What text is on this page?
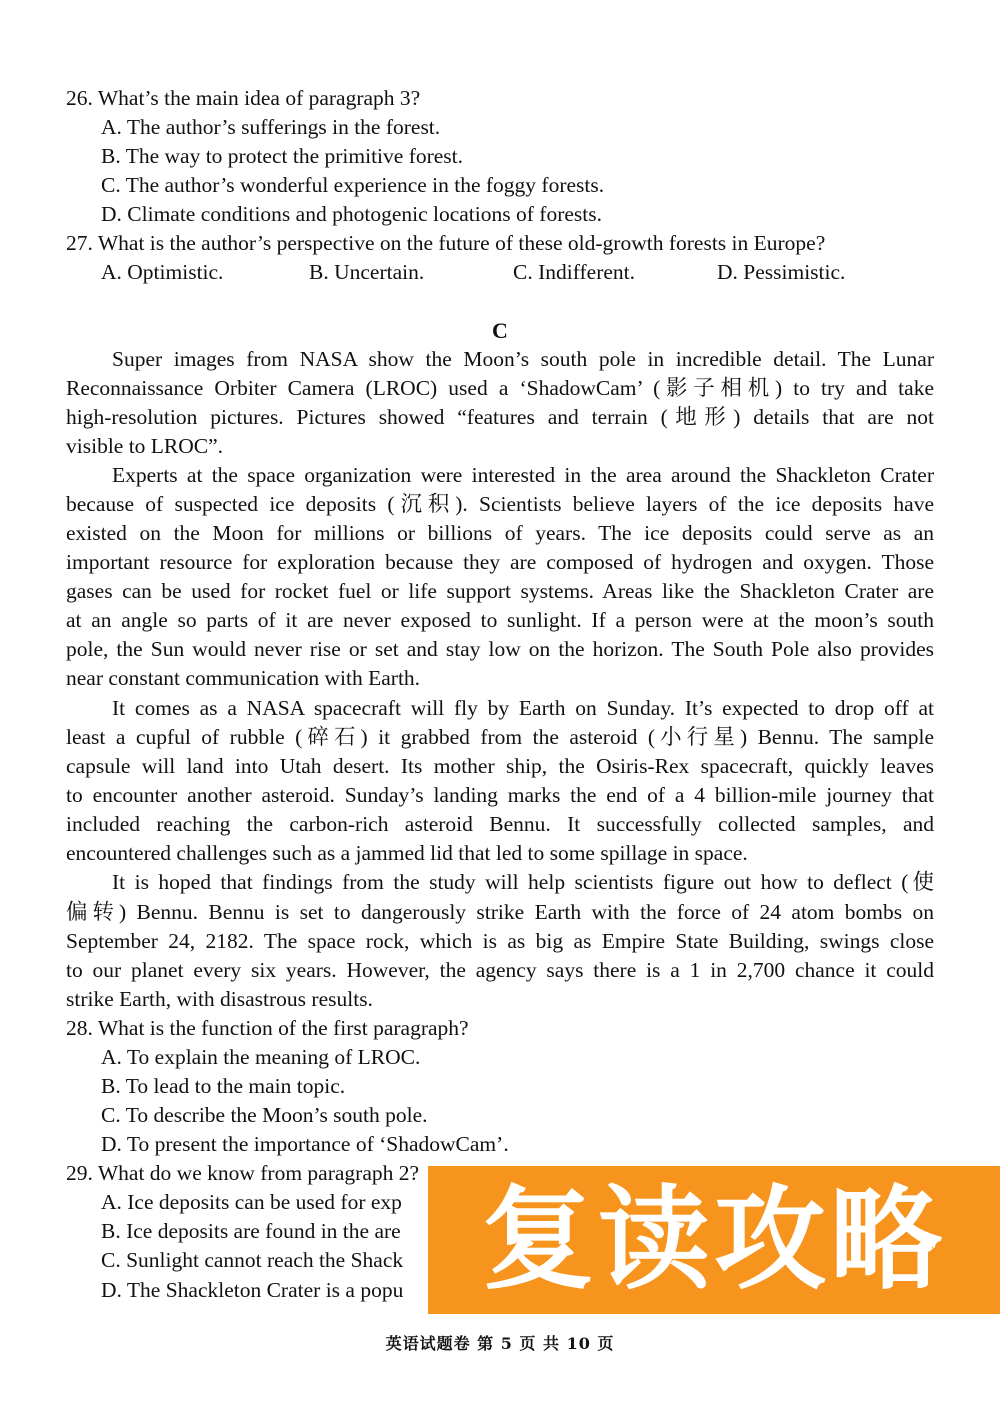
26. What’s the main idea of paragraph 3?
A. The author’s sufferings in the forest.
B. The way to protect the primitive forest.
C. The author’s wonderful experience in the foggy forests.
D. Climate conditions and photogenic locations of forests.
27. What is the author’s perspective on the future of these old-growth forests in Europe?
A. Optimistic.	B. Uncertain.	C. Indifferent.	D. Pessimistic.
C
Super images from NASA show the Moon’s south pole in incredible detail. The Lunar
Reconnaissance Orbiter Camera (LROC) used a ‘ShadowCam’ (影子相机) to try and take
high-resolution pictures. Pictures showed “features and terrain (地形) details that are not
visible to LROC”.
Experts at the space organization were interested in the area around the Shackleton Crater
because of suspected ice deposits (沉积). Scientists believe layers of the ice deposits have
existed on the Moon for millions or billions of years. The ice deposits could serve as an
important resource for exploration because they are composed of hydrogen and oxygen. Those
gases can be used for rocket fuel or life support systems. Areas like the Shackleton Crater are
at an angle so parts of it are never exposed to sunlight. If a person were at the moon’s south
pole, the Sun would never rise or set and stay low on the horizon. The South Pole also provides
near constant communication with Earth.
It comes as a NASA spacecraft will fly by Earth on Sunday. It’s expected to drop off at
least a cupful of rubble (碎石) it grabbed from the asteroid (小行星) Bennu. The sample
capsule will land into Utah desert. Its mother ship, the Osiris-Rex spacecraft, quickly leaves
to encounter another asteroid. Sunday’s landing marks the end of a 4 billion-mile journey that
included reaching the carbon-rich asteroid Bennu. It successfully collected samples, and
encountered challenges such as a jammed lid that led to some spillage in space.
It is hoped that findings from the study will help scientists figure out how to deflect (使
偏转) Bennu. Bennu is set to dangerously strike Earth with the force of 24 atom bombs on
September 24, 2182. The space rock, which is as big as Empire State Building, swings close
to our planet every six years. However, the agency says there is a 1 in 2,700 chance it could
strike Earth, with disastrous results.
28. What is the function of the first paragraph?
A. To explain the meaning of LROC.
B. To lead to the main topic.
C. To describe the Moon’s south pole.
D. To present the importance of ‘ShadowCam’.
29. What do we know from paragraph 2?
A. Ice deposits can be used for exp
B. Ice deposits are found in the are
C. Sunlight cannot reach the Shack
D. The Shackleton Crater is a popu 复读攻略
英语试题卷 第 5 页 共 10 页
